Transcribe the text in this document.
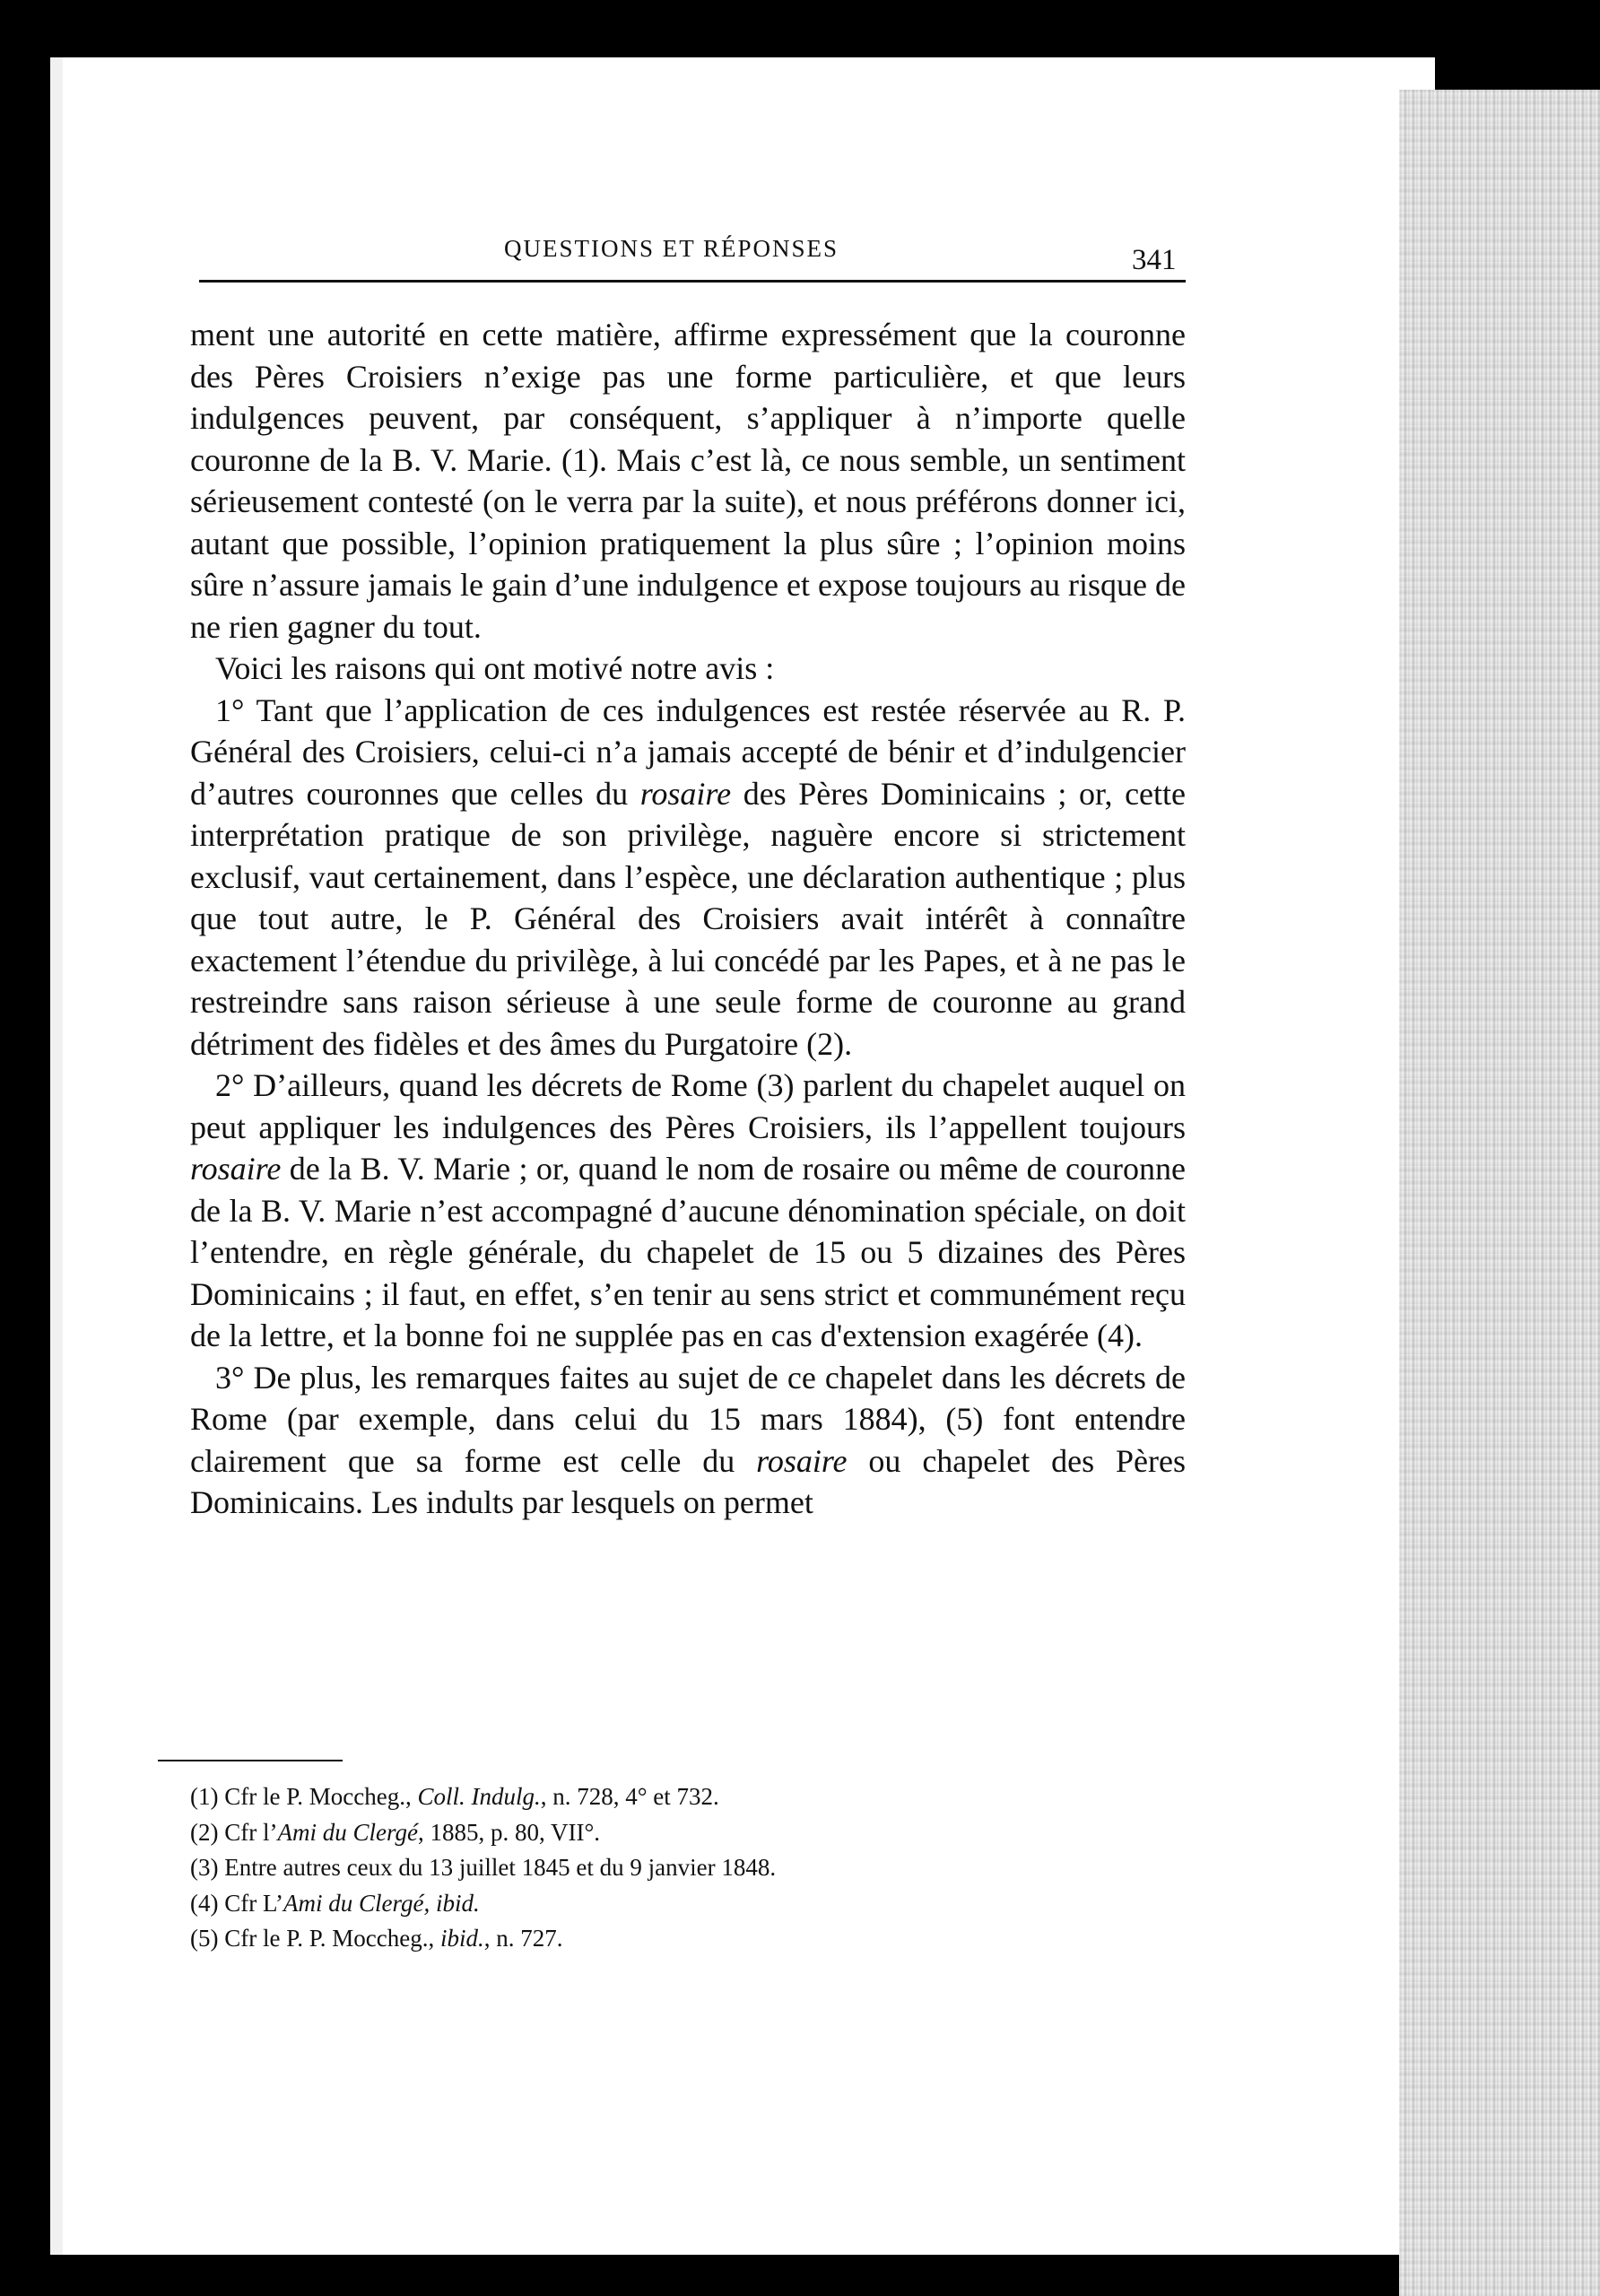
QUESTIONS ET RÉPONSES	341

ment une autorité en cette matière, affirme expressément que la couronne des Pères Croisiers n’exige pas une forme particulière, et que leurs indulgences peuvent, par conséquent, s’appliquer à n’importe quelle couronne de la B. V. Marie. (1). Mais c’est là, ce nous semble, un sentiment sérieusement contesté (on le verra par la suite), et nous préférons donner ici, autant que possible, l’opinion pratiquement la plus sûre ; l’opinion moins sûre n’assure jamais le gain d’une indulgence et expose toujours au risque de ne rien gagner du tout.

Voici les raisons qui ont motivé notre avis :

1° Tant que l’application de ces indulgences est restée réservée au R. P. Général des Croisiers, celui-ci n’a jamais accepté de bénir et d’indulgencier d’autres couronnes que celles du rosaire des Pères Dominicains ; or, cette interprétation pratique de son privilège, naguère encore si strictement exclusif, vaut certainement, dans l’espèce, une déclaration authentique ; plus que tout autre, le P. Général des Croisiers avait intérêt à connaître exactement l’étendue du privilège, à lui concédé par les Papes, et à ne pas le restreindre sans raison sérieuse à une seule forme de couronne au grand détriment des fidèles et des âmes du Purgatoire (2).

2° D’ailleurs, quand les décrets de Rome (3) parlent du chapelet auquel on peut appliquer les indulgences des Pères Croisiers, ils l’appellent toujours rosaire de la B. V. Marie ; or, quand le nom de rosaire ou même de couronne de la B. V. Marie n’est accompagné d’aucune dénomination spéciale, on doit l’entendre, en règle générale, du chapelet de 15 ou 5 dizaines des Pères Dominicains ; il faut, en effet, s’en tenir au sens strict et communément reçu de la lettre, et la bonne foi ne supplée pas en cas d'extension exagérée (4).

3° De plus, les remarques faites au sujet de ce chapelet dans les décrets de Rome (par exemple, dans celui du 15 mars 1884), (5) font entendre clairement que sa forme est celle du rosaire ou chapelet des Pères Dominicains. Les indults par lesquels on permet

(1) Cfr le P. Moccheg., Coll. Indulg., n. 728, 4° et 732.
(2) Cfr l’Ami du Clergé, 1885, p. 80, VII°.
(3) Entre autres ceux du 13 juillet 1845 et du 9 janvier 1848.
(4) Cfr L’Ami du Clergé, ibid.
(5) Cfr le P. P. Moccheg., ibid., n. 727.
